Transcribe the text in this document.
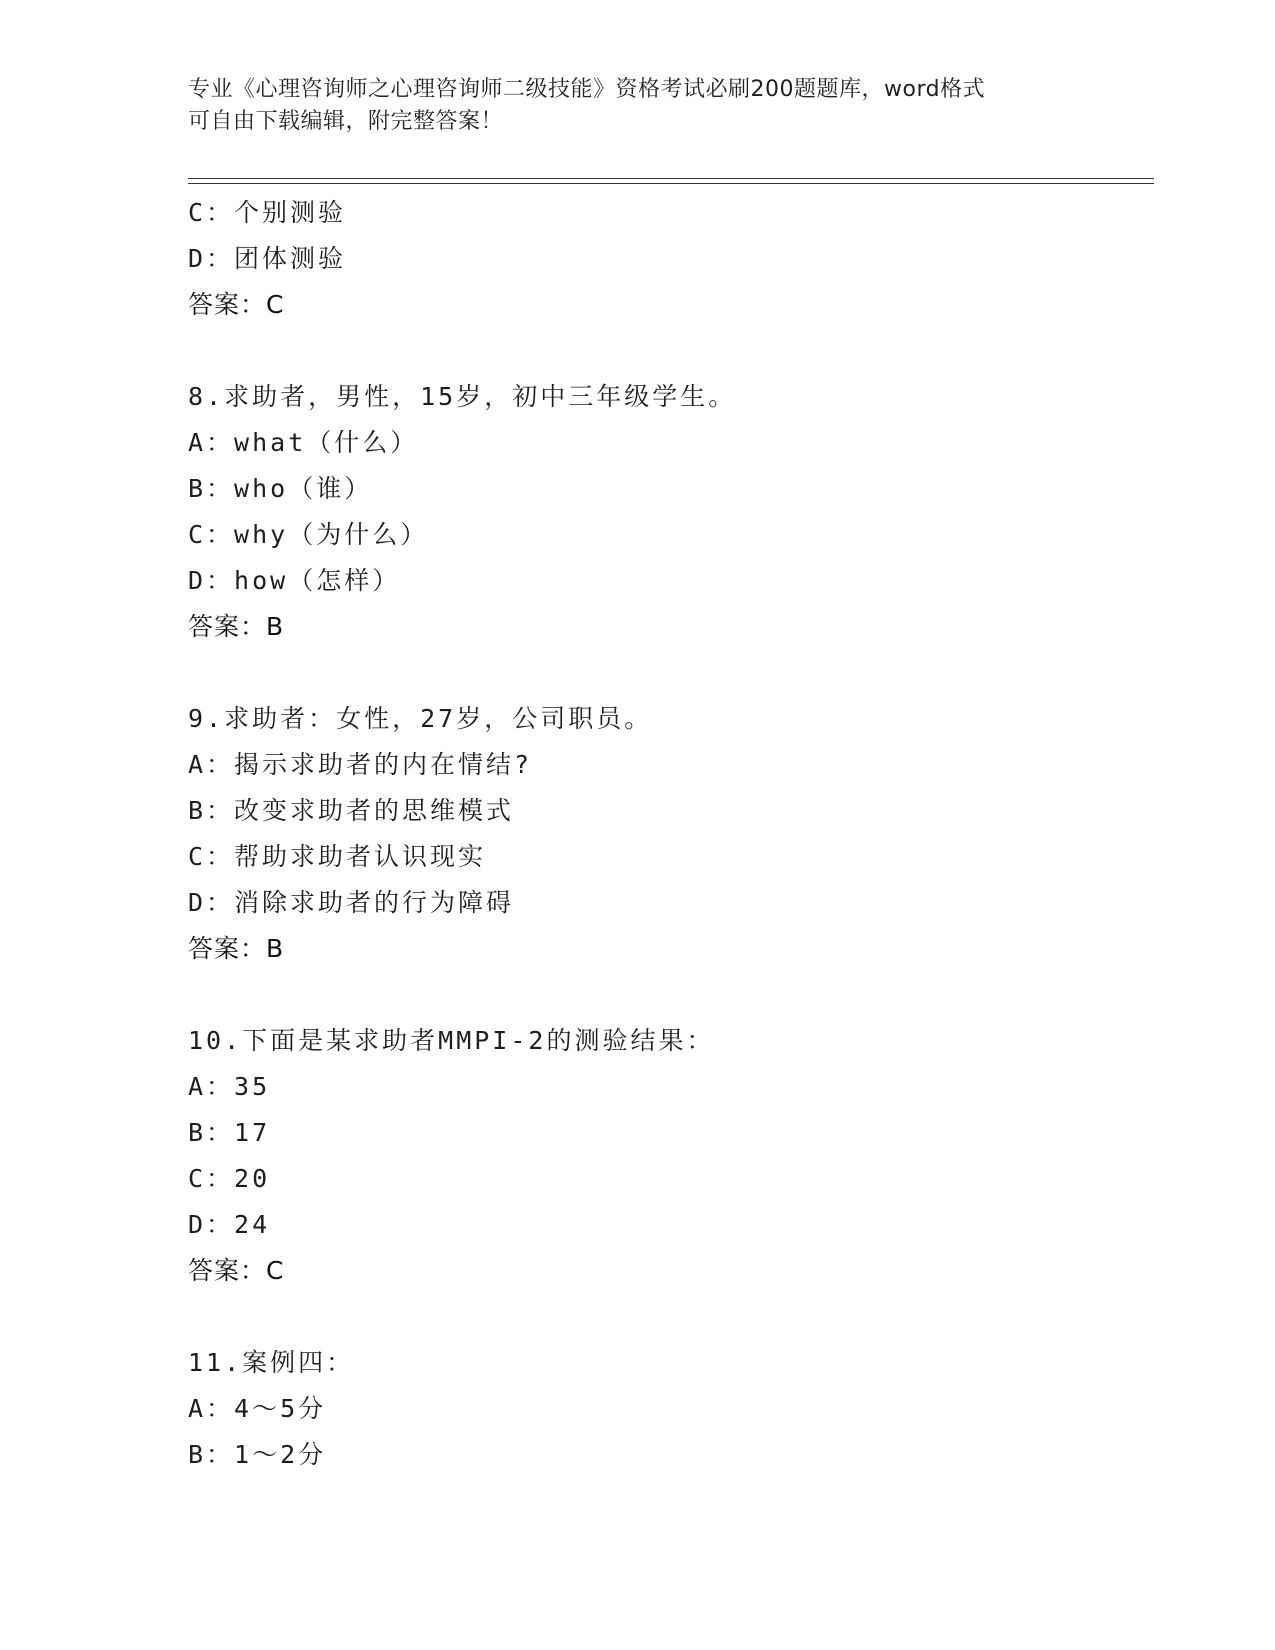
专业《心理咨询师之心理咨询师二级技能》资格考试必刷200题题库，word格式
可自由下载编辑，附完整答案！
C：个别测验
D：团体测验
答案：C
8.求助者，男性，15岁，初中三年级学生。
A：what（什么）
B：who（谁）
C：why（为什么）
D：how（怎样）
答案：B
9.求助者：女性，27岁，公司职员。
A：揭示求助者的内在情结?
B：改变求助者的思维模式
C：帮助求助者认识现实
D：消除求助者的行为障碍
答案：B
10.下面是某求助者MMPI-2的测验结果：
A：35
B：17
C：20
D：24
答案：C
11.案例四：
A：4～5分
B：1～2分
